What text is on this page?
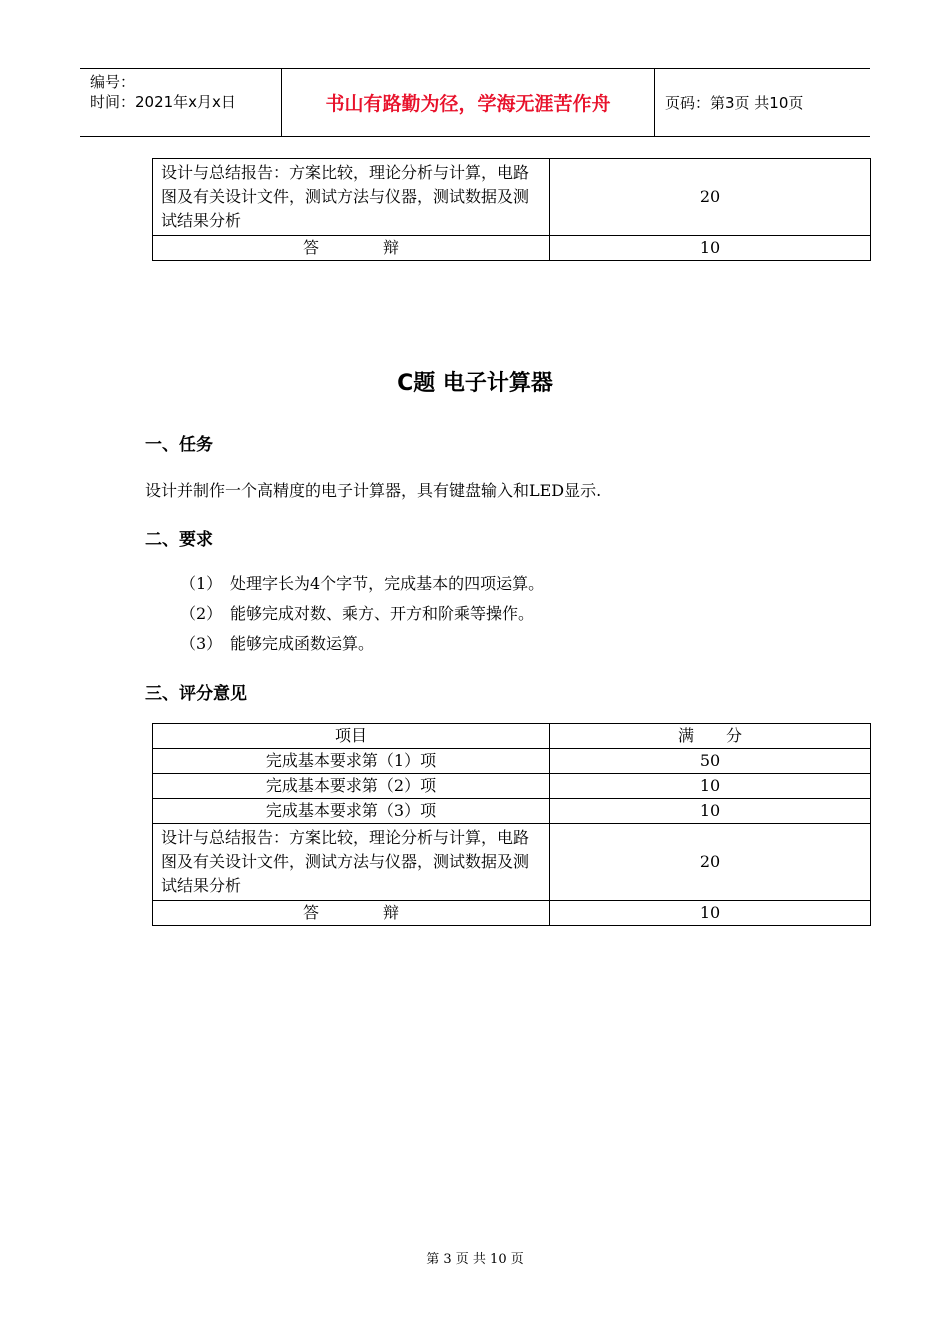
编号：
时间：2021年x月x日	书山有路勤为径，学海无涯苦作舟	页码：第3页 共10页
设计与总结报告：方案比较，理论分析与计算，电路图及有关设计文件，测试方法与仪器，测试数据及测试结果分析	20
答　　　　辩	10
C题 电子计算器
一、任务
设计并制作一个高精度的电子计算器，具有键盘输入和LED显示.
二、要求
（1） 处理字长为4个字节，完成基本的四项运算。
（2） 能够完成对数、乘方、开方和阶乘等操作。
（3） 能够完成函数运算。
三、评分意见
项目	满　　分
完成基本要求第（1）项	50
完成基本要求第（2）项	10
完成基本要求第（3）项	10
设计与总结报告：方案比较，理论分析与计算，电路图及有关设计文件，测试方法与仪器，测试数据及测试结果分析	20
答　　　　辩	10
第 3 页 共 10 页
